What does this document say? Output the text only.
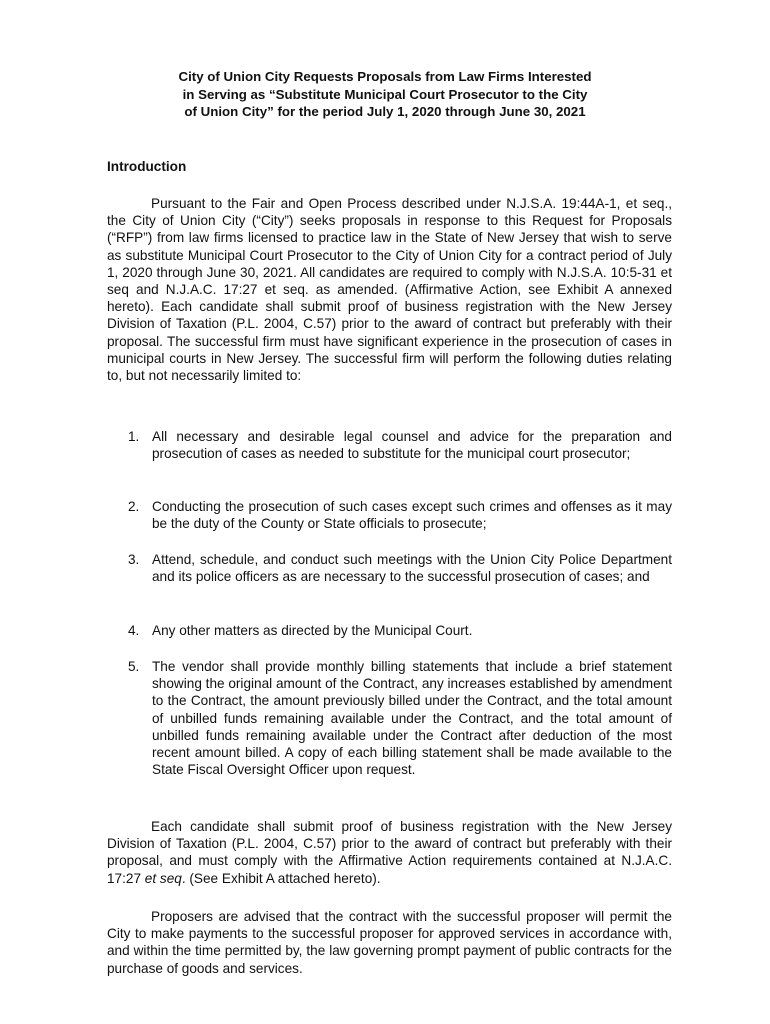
City of Union City Requests Proposals from Law Firms Interested
in Serving as “Substitute Municipal Court Prosecutor to the City
of Union City” for the period July 1, 2020 through June 30, 2021
Introduction
Pursuant to the Fair and Open Process described under N.J.S.A. 19:44A-1, et seq., the City of Union City (“City”) seeks proposals in response to this Request for Proposals (“RFP”) from law firms licensed to practice law in the State of New Jersey that wish to serve as substitute Municipal Court Prosecutor to the City of Union City for a contract period of July 1, 2020 through June 30, 2021. All candidates are required to comply with N.J.S.A. 10:5-31 et seq and N.J.A.C. 17:27 et seq. as amended. (Affirmative Action, see Exhibit A annexed hereto). Each candidate shall submit proof of business registration with the New Jersey Division of Taxation (P.L. 2004, C.57) prior to the award of contract but preferably with their proposal. The successful firm must have significant experience in the prosecution of cases in municipal courts in New Jersey. The successful firm will perform the following duties relating to, but not necessarily limited to:
1. All necessary and desirable legal counsel and advice for the preparation and prosecution of cases as needed to substitute for the municipal court prosecutor;
2. Conducting the prosecution of such cases except such crimes and offenses as it may be the duty of the County or State officials to prosecute;
3. Attend, schedule, and conduct such meetings with the Union City Police Department and its police officers as are necessary to the successful prosecution of cases; and
4. Any other matters as directed by the Municipal Court.
5. The vendor shall provide monthly billing statements that include a brief statement showing the original amount of the Contract, any increases established by amendment to the Contract, the amount previously billed under the Contract, and the total amount of unbilled funds remaining available under the Contract, and the total amount of unbilled funds remaining available under the Contract after deduction of the most recent amount billed. A copy of each billing statement shall be made available to the State Fiscal Oversight Officer upon request.
Each candidate shall submit proof of business registration with the New Jersey Division of Taxation (P.L. 2004, C.57) prior to the award of contract but preferably with their proposal, and must comply with the Affirmative Action requirements contained at N.J.A.C. 17:27 et seq. (See Exhibit A attached hereto).
Proposers are advised that the contract with the successful proposer will permit the City to make payments to the successful proposer for approved services in accordance with, and within the time permitted by, the law governing prompt payment of public contracts for the purchase of goods and services.
